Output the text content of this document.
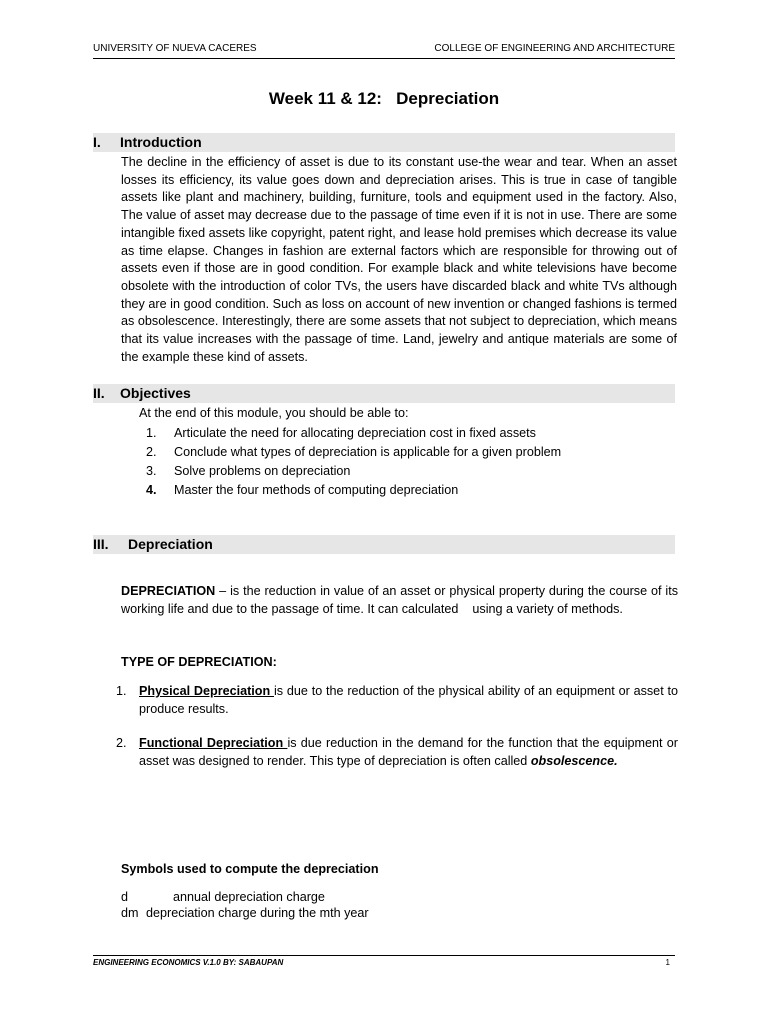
UNIVERSITY OF NUEVA CACERES	COLLEGE OF ENGINEERING AND ARCHITECTURE
Week 11 & 12:   Depreciation
I. Introduction

The decline in the efficiency of asset is due to its constant use-the wear and tear. When an asset losses its efficiency, its value goes down and depreciation arises. This is true in case of tangible assets like plant and machinery, building, furniture, tools and equipment used in the factory. Also, The value of asset may decrease due to the passage of time even if it is not in use. There are some intangible fixed assets like copyright, patent right, and lease hold premises which decrease its value as time elapse. Changes in fashion are external factors which are responsible for throwing out of assets even if those are in good condition. For example black and white televisions have become obsolete with the introduction of color TVs, the users have discarded black and white TVs although they are in good condition. Such as loss on account of new invention or changed fashions is termed as obsolescence. Interestingly, there are some assets that not subject to depreciation, which means that its value increases with the passage of time. Land, jewelry and antique materials are some of the example these kind of assets.

II. Objectives
At the end of this module, you should be able to:
1.	Articulate the need for allocating depreciation cost in fixed assets
2.	Conclude what types of depreciation is applicable for a given problem
3.	Solve problems on depreciation
4.	Master the four methods of computing depreciation
III. Depreciation

DEPRECIATION – is the reduction in value of an asset or physical property during the course of its working life and due to the passage of time. It can calculated    using a variety of methods.

TYPE OF DEPRECIATION:
1. Physical Depreciation is due to the reduction of the physical ability of an equipment or asset to produce results.
2. Functional Depreciation is due reduction in the demand for the function that the equipment or asset was designed to render. This type of depreciation is often called obsolescence.
Symbols used to compute the depreciation
d	annual depreciation charge
dm depreciation charge during the mth year
ENGINEERING ECONOMICS V.1.0 BY: SABAUPAN	1
